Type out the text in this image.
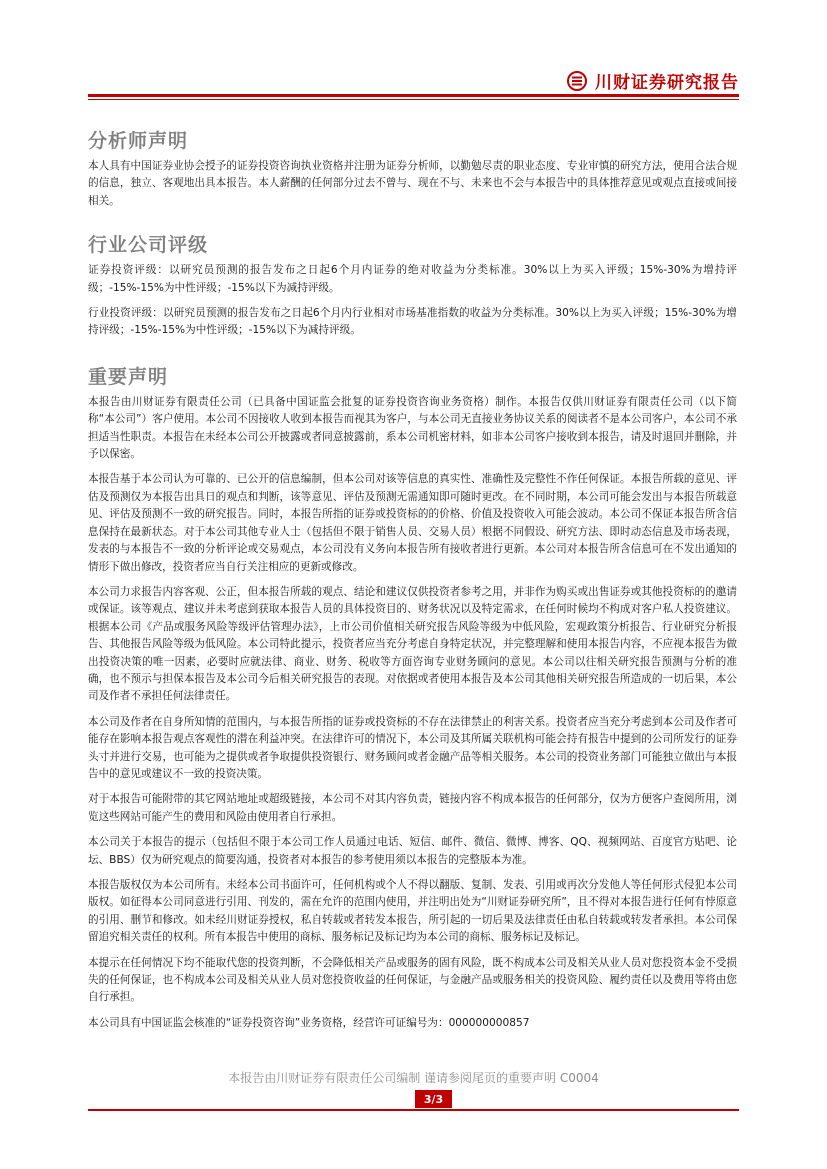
川财证券研究报告
分析师声明

本人具有中国证券业协会授予的证券投资咨询执业资格并注册为证券分析师，以勤勉尽责的职业态度、专业审慎的研究方法，使用合法合规的信息，独立、客观地出具本报告。本人薪酬的任何部分过去不曾与、现在不与、未来也不会与本报告中的具体推荐意见或观点直接或间接相关。

行业公司评级

证券投资评级：以研究员预测的报告发布之日起6个月内证券的绝对收益为分类标准。30%以上为买入评级；15%-30%为增持评级；-15%-15%为中性评级；-15%以下为减持评级。

行业投资评级：以研究员预测的报告发布之日起6个月内行业相对市场基准指数的收益为分类标准。30%以上为买入评级；15%-30%为增持评级；-15%-15%为中性评级；-15%以下为减持评级。

重要声明

本报告由川财证券有限责任公司（已具备中国证监会批复的证券投资咨询业务资格）制作。本报告仅供川财证券有限责任公司（以下简称“本公司”）客户使用。本公司不因接收人收到本报告而视其为客户，与本公司无直接业务协议关系的阅读者不是本公司客户，本公司不承担适当性职责。本报告在未经本公司公开披露或者同意披露前，系本公司机密材料，如非本公司客户接收到本报告，请及时退回并删除，并予以保密。

本报告基于本公司认为可靠的、已公开的信息编制，但本公司对该等信息的真实性、准确性及完整性不作任何保证。本报告所载的意见、评估及预测仅为本报告出具日的观点和判断，该等意见、评估及预测无需通知即可随时更改。在不同时期，本公司可能会发出与本报告所载意见、评估及预测不一致的研究报告。同时，本报告所指的证券或投资标的的价格、价值及投资收入可能会波动。本公司不保证本报告所含信息保持在最新状态。对于本公司其他专业人士（包括但不限于销售人员、交易人员）根据不同假设、研究方法、即时动态信息及市场表现，发表的与本报告不一致的分析评论或交易观点，本公司没有义务向本报告所有接收者进行更新。本公司对本报告所含信息可在不发出通知的情形下做出修改，投资者应当自行关注相应的更新或修改。

本公司力求报告内容客观、公正，但本报告所载的观点、结论和建议仅供投资者参考之用，并非作为购买或出售证券或其他投资标的的邀请或保证。该等观点、建议并未考虑到获取本报告人员的具体投资目的、财务状况以及特定需求，在任何时候均不构成对客户私人投资建议。根据本公司《产品或服务风险等级评估管理办法》，上市公司价值相关研究报告风险等级为中低风险，宏观政策分析报告、行业研究分析报告、其他报告风险等级为低风险。本公司特此提示，投资者应当充分考虑自身特定状况，并完整理解和使用本报告内容，不应视本报告为做出投资决策的唯一因素，必要时应就法律、商业、财务、税收等方面咨询专业财务顾问的意见。本公司以往相关研究报告预测与分析的准确，也不预示与担保本报告及本公司今后相关研究报告的表现。对依据或者使用本报告及本公司其他相关研究报告所造成的一切后果，本公司及作者不承担任何法律责任。

本公司及作者在自身所知情的范围内，与本报告所指的证券或投资标的不存在法律禁止的利害关系。投资者应当充分考虑到本公司及作者可能存在影响本报告观点客观性的潜在利益冲突。在法律许可的情况下，本公司及其所属关联机构可能会持有报告中提到的公司所发行的证券头寸并进行交易，也可能为之提供或者争取提供投资银行、财务顾问或者金融产品等相关服务。本公司的投资业务部门可能独立做出与本报告中的意见或建议不一致的投资决策。

对于本报告可能附带的其它网站地址或超级链接，本公司不对其内容负责，链接内容不构成本报告的任何部分，仅为方便客户查阅所用，浏览这些网站可能产生的费用和风险由使用者自行承担。

本公司关于本报告的提示（包括但不限于本公司工作人员通过电话、短信、邮件、微信、微博、博客、QQ、视频网站、百度官方贴吧、论坛、BBS）仅为研究观点的简要沟通，投资者对本报告的参考使用须以本报告的完整版本为准。

本报告版权仅为本公司所有。未经本公司书面许可，任何机构或个人不得以翻版、复制、发表、引用或再次分发他人等任何形式侵犯本公司版权。如征得本公司同意进行引用、刊发的，需在允许的范围内使用，并注明出处为“川财证券研究所”，且不得对本报告进行任何有悖原意的引用、删节和修改。如未经川财证券授权，私自转载或者转发本报告，所引起的一切后果及法律责任由私自转载或转发者承担。本公司保留追究相关责任的权利。所有本报告中使用的商标、服务标记及标记均为本公司的商标、服务标记及标记。

本提示在任何情况下均不能取代您的投资判断，不会降低相关产品或服务的固有风险，既不构成本公司及相关从业人员对您投资本金不受损失的任何保证，也不构成本公司及相关从业人员对您投资收益的任何保证，与金融产品或服务相关的投资风险、履约责任以及费用等将由您自行承担。

本公司具有中国证监会核准的“证券投资咨询”业务资格，经营许可证编号为：000000000857

本报告由川财证券有限责任公司编制 谨请参阅尾页的重要声明 C0004
3/3
